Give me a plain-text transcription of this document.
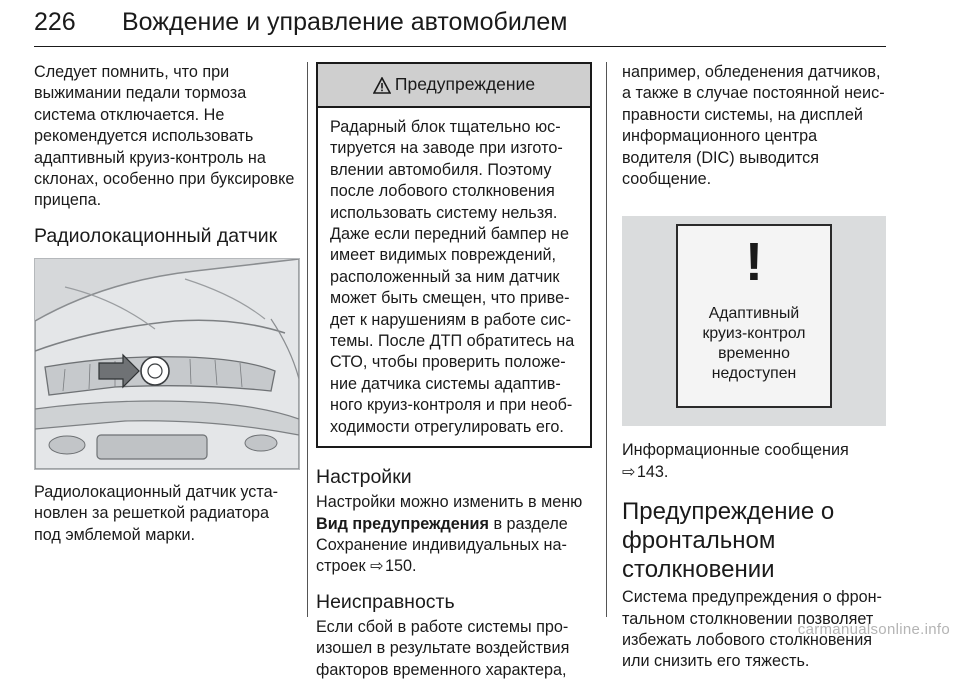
226 Вождение и управление автомобилем

Следует помнить, что при выжимании педали тормоза система отключается. Не рекомендуется использовать адаптивный круиз-контроль на склонах, особенно при буксировке прицепа.

Радиолокационный датчик

Радиолокационный датчик установлен за решеткой радиатора под эмблемой марки.

Предупреждение
Радарный блок тщательно юстируется на заводе при изготовлении автомобиля. Поэтому после лобового столкновения использовать систему нельзя. Даже если передний бампер не имеет видимых повреждений, расположенный за ним датчик может быть смещен, что приведет к нарушениям в работе системы. После ДТП обратитесь на СТО, чтобы проверить положение датчика системы адаптивного круиз-контроля и при необходимости отрегулировать его.
Настройки

Настройки можно изменить в меню Вид предупреждения в разделе Сохранение индивидуальных настроек ⇨ 150.

Неисправность

Если сбой в работе системы произошел в результате воздействия факторов временного характера,

например, обледенения датчиков, а также в случае постоянной неисправности системы, на дисплей информационного центра водителя (DIC) выводится сообщение.

!
Адаптивный
круиз-контрол
временно
недоступен

Информационные сообщения

⇨ 143.

Предупреждение о фронтальном столкновении

Система предупреждения о фронтальном столкновении позволяет избежать лобового столкновения или снизить его тяжесть.

carmanualsonline.info
